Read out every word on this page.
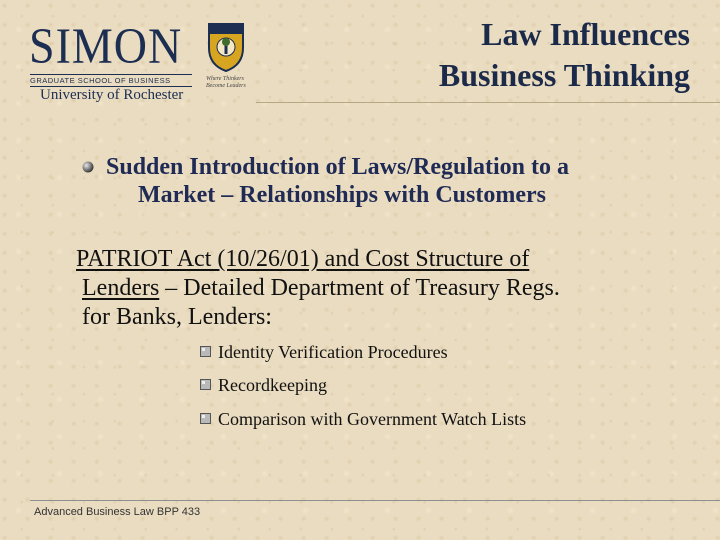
SIMON
GRADUATE SCHOOL OF BUSINESS
University of Rochester
Where Thinkers Become Leaders
Law Influences
Business Thinking
Sudden Introduction of Laws/Regulation to a
Market – Relationships with Customers
PATRIOT Act (10/26/01) and Cost Structure of
Lenders – Detailed Department of Treasury Regs.
for Banks, Lenders:
Identity Verification Procedures
Recordkeeping
Comparison with Government Watch Lists
Advanced Business Law BPP 433
